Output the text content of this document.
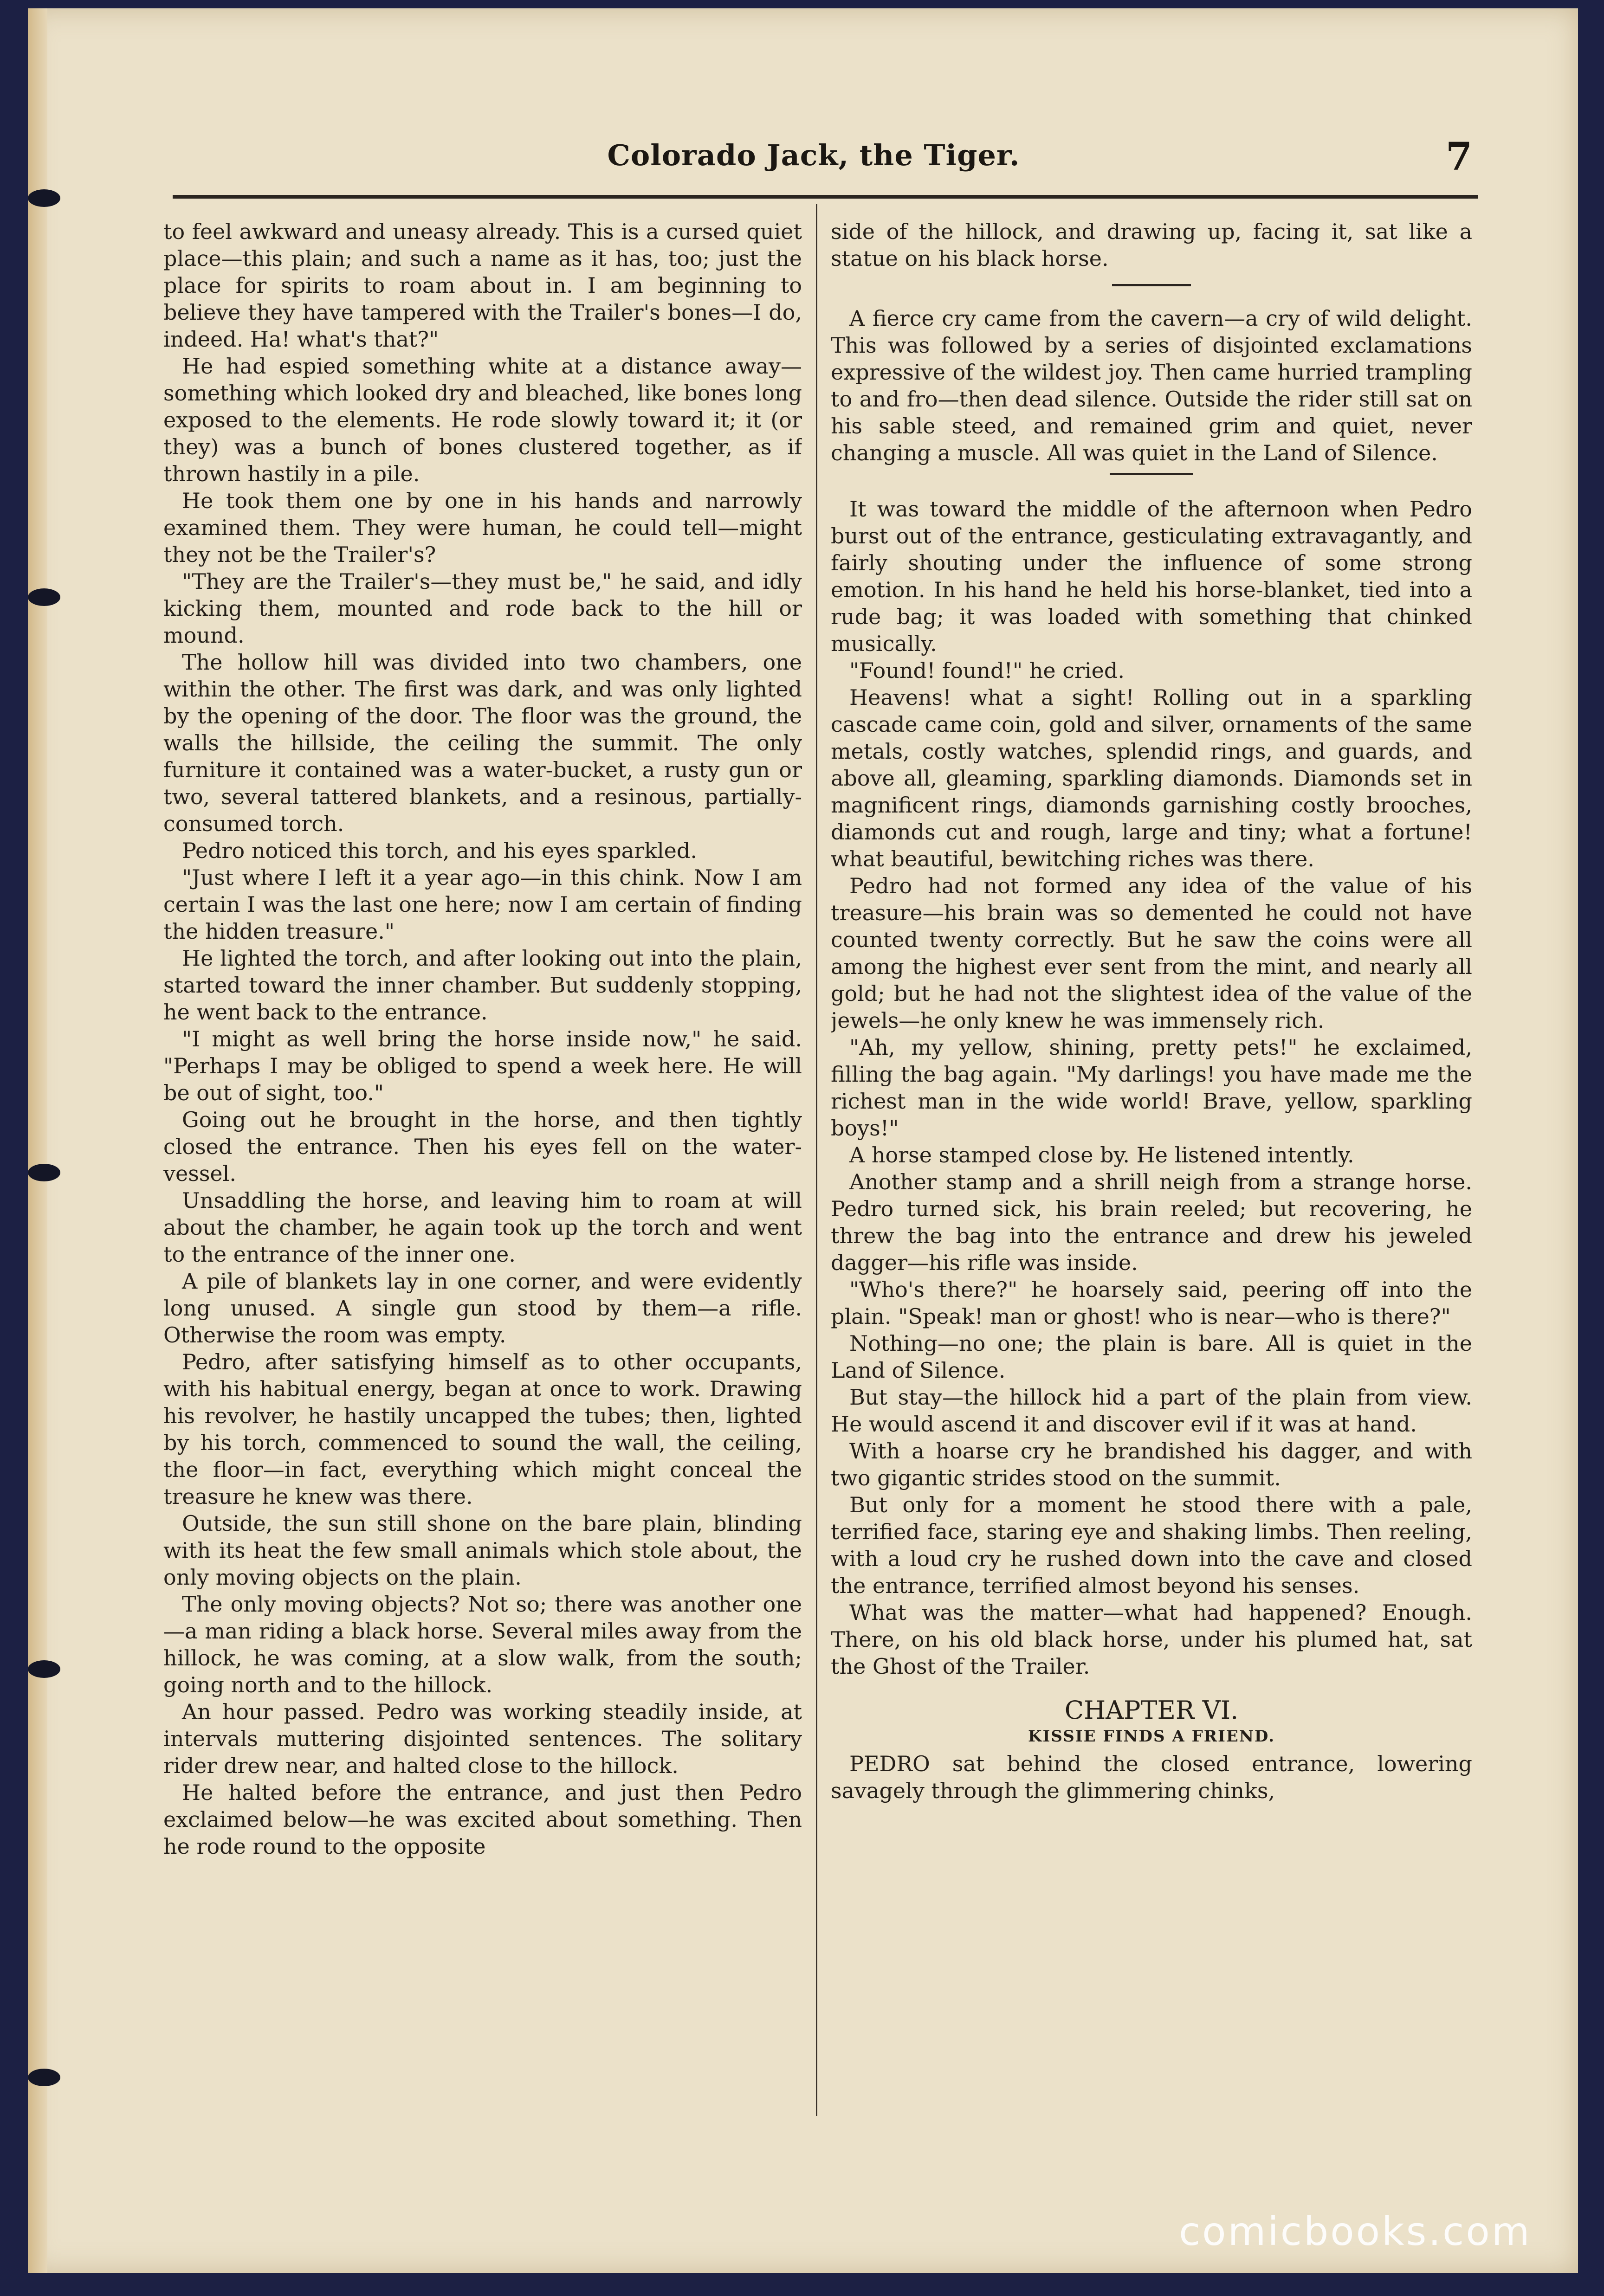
Colorado Jack, the Tiger.	7

to feel awkward and uneasy already. This is a cursed quiet place—this plain; and such a name as it has, too; just the place for spirits to roam about in. I am beginning to believe they have tampered with the Trailer's bones—I do, indeed. Ha! what's that?"

He had espied something white at a distance away—something which looked dry and bleached, like bones long exposed to the elements. He rode slowly toward it; it (or they) was a bunch of bones clustered together, as if thrown hastily in a pile.

He took them one by one in his hands and narrowly examined them. They were human, he could tell—might they not be the Trailer's?

"They are the Trailer's—they must be," he said, and idly kicking them, mounted and rode back to the hill or mound.

The hollow hill was divided into two chambers, one within the other. The first was dark, and was only lighted by the opening of the door. The floor was the ground, the walls the hillside, the ceiling the summit. The only furniture it contained was a water-bucket, a rusty gun or two, several tattered blankets, and a resinous, partially-consumed torch.

Pedro noticed this torch, and his eyes sparkled.

"Just where I left it a year ago—in this chink. Now I am certain I was the last one here; now I am certain of finding the hidden treasure."

He lighted the torch, and after looking out into the plain, started toward the inner chamber. But suddenly stopping, he went back to the entrance.

"I might as well bring the horse inside now," he said. "Perhaps I may be obliged to spend a week here. He will be out of sight, too."

Going out he brought in the horse, and then tightly closed the entrance. Then his eyes fell on the water-vessel.

Unsaddling the horse, and leaving him to roam at will about the chamber, he again took up the torch and went to the entrance of the inner one.

A pile of blankets lay in one corner, and were evidently long unused. A single gun stood by them—a rifle. Otherwise the room was empty.

Pedro, after satisfying himself as to other occupants, with his habitual energy, began at once to work. Drawing his revolver, he hastily uncapped the tubes; then, lighted by his torch, commenced to sound the wall, the ceiling, the floor—in fact, everything which might conceal the treasure he knew was there.

Outside, the sun still shone on the bare plain, blinding with its heat the few small animals which stole about, the only moving objects on the plain.

The only moving objects? Not so; there was another one—a man riding a black horse. Several miles away from the hillock, he was coming, at a slow walk, from the south; going north and to the hillock.

An hour passed. Pedro was working steadily inside, at intervals muttering disjointed sentences. The solitary rider drew near, and halted close to the hillock.

He halted before the entrance, and just then Pedro exclaimed below—he was excited about something. Then he rode round to the opposite

side of the hillock, and drawing up, facing it, sat like a statue on his black horse.

A fierce cry came from the cavern—a cry of wild delight. This was followed by a series of disjointed exclamations expressive of the wildest joy. Then came hurried trampling to and fro—then dead silence. Outside the rider still sat on his sable steed, and remained grim and quiet, never changing a muscle. All was quiet in the Land of Silence.

It was toward the middle of the afternoon when Pedro burst out of the entrance, gesticulating extravagantly, and fairly shouting under the influence of some strong emotion. In his hand he held his horse-blanket, tied into a rude bag; it was loaded with something that chinked musically.

"Found! found!" he cried.

Heavens! what a sight! Rolling out in a sparkling cascade came coin, gold and silver, ornaments of the same metals, costly watches, splendid rings, and guards, and above all, gleaming, sparkling diamonds. Diamonds set in magnificent rings, diamonds garnishing costly brooches, diamonds cut and rough, large and tiny; what a fortune! what beautiful, bewitching riches was there.

Pedro had not formed any idea of the value of his treasure—his brain was so demented he could not have counted twenty correctly. But he saw the coins were all among the highest ever sent from the mint, and nearly all gold; but he had not the slightest idea of the value of the jewels—he only knew he was immensely rich.

"Ah, my yellow, shining, pretty pets!" he exclaimed, filling the bag again. "My darlings! you have made me the richest man in the wide world! Brave, yellow, sparkling boys!"

A horse stamped close by. He listened intently.

Another stamp and a shrill neigh from a strange horse. Pedro turned sick, his brain reeled; but recovering, he threw the bag into the entrance and drew his jeweled dagger—his rifle was inside.

"Who's there?" he hoarsely said, peering off into the plain. "Speak! man or ghost! who is near—who is there?"

Nothing—no one; the plain is bare. All is quiet in the Land of Silence.

But stay—the hillock hid a part of the plain from view. He would ascend it and discover evil if it was at hand.

With a hoarse cry he brandished his dagger, and with two gigantic strides stood on the summit.

But only for a moment he stood there with a pale, terrified face, staring eye and shaking limbs. Then reeling, with a loud cry he rushed down into the cave and closed the entrance, terrified almost beyond his senses.

What was the matter—what had happened? Enough. There, on his old black horse, under his plumed hat, sat the Ghost of the Trailer.

CHAPTER VI.
KISSIE FINDS A FRIEND.

PEDRO sat behind the closed entrance, lowering savagely through the glimmering chinks,

comicbooks.com
